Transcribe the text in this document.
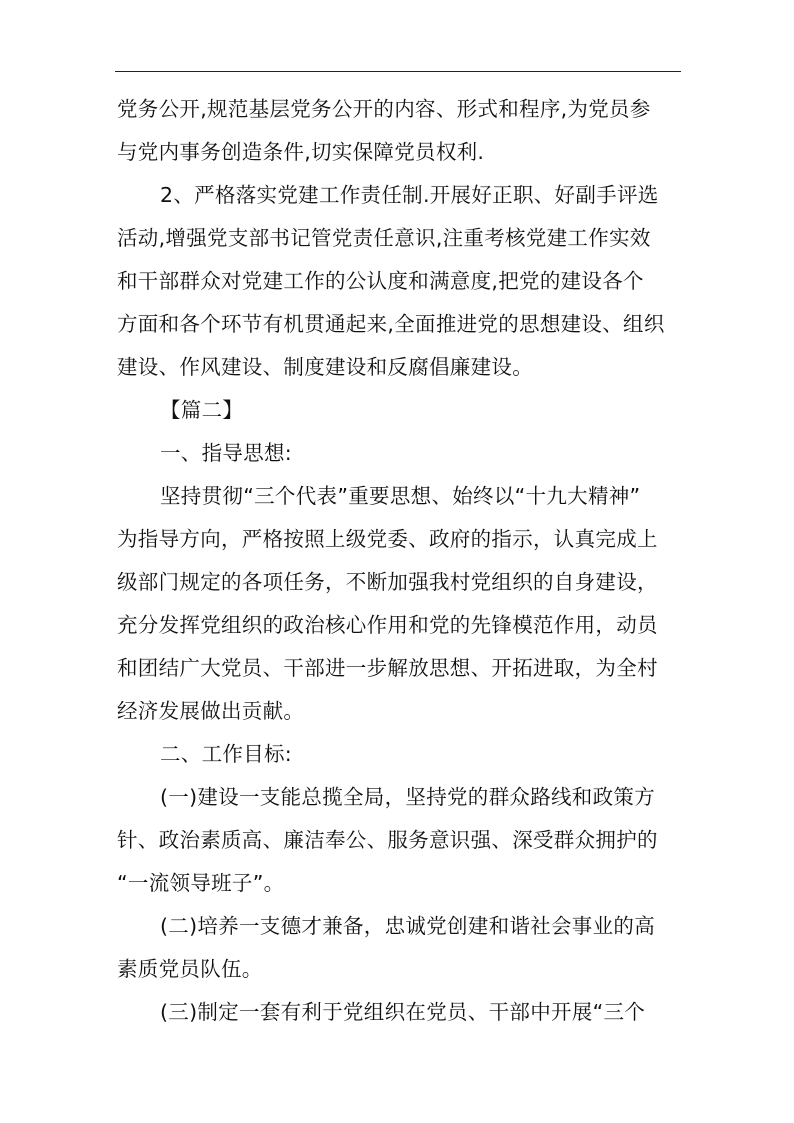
党务公开,规范基层党务公开的内容、形式和程序,为党员参

与党内事务创造条件,切实保障党员权利.

2、严格落实党建工作责任制.开展好正职、好副手评选

活动,增强党支部书记管党责任意识,注重考核党建工作实效

和干部群众对党建工作的公认度和满意度,把党的建设各个

方面和各个环节有机贯通起来,全面推进党的思想建设、组织

建设、作风建设、制度建设和反腐倡廉建设。

【篇二】

一、指导思想:

坚持贯彻“三个代表”重要思想、始终以“十九大精神”

为指导方向，严格按照上级党委、政府的指示，认真完成上

级部门规定的各项任务，不断加强我村党组织的自身建设，

充分发挥党组织的政治核心作用和党的先锋模范作用，动员

和团结广大党员、干部进一步解放思想、开拓进取，为全村

经济发展做出贡献。

二、工作目标:

(一)建设一支能总揽全局，坚持党的群众路线和政策方

针、政治素质高、廉洁奉公、服务意识强、深受群众拥护的

“一流领导班子”。

(二)培养一支德才兼备，忠诚党创建和谐社会事业的高

素质党员队伍。

(三)制定一套有利于党组织在党员、干部中开展“三个
